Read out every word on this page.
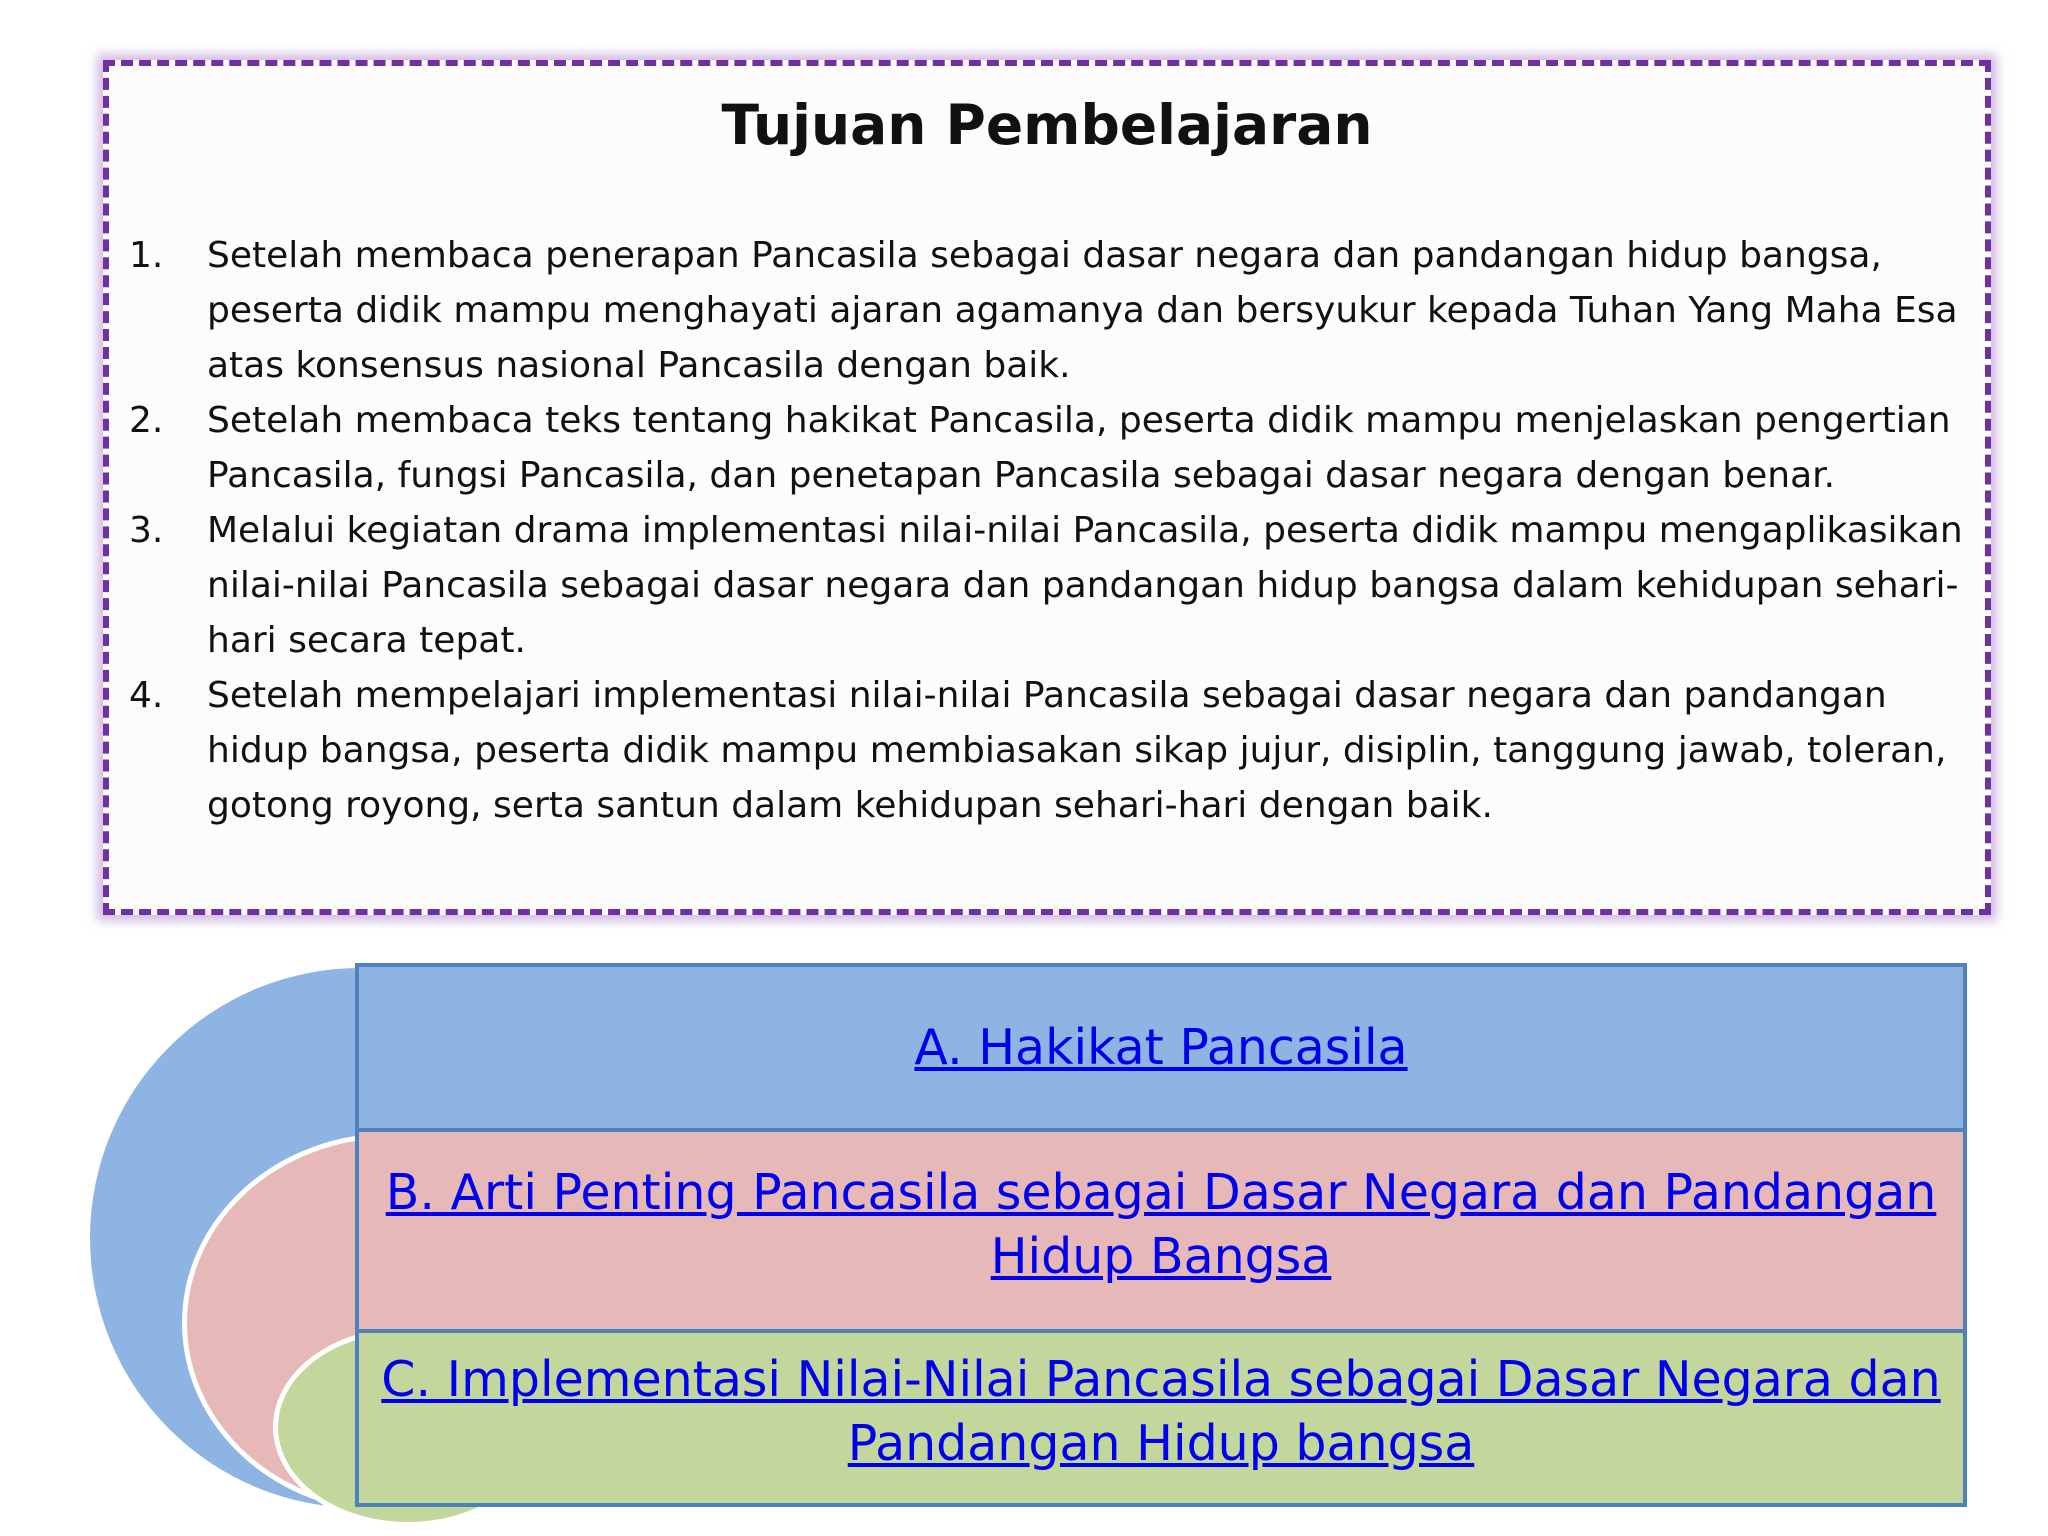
Tujuan Pembelajaran
1. Setelah membaca penerapan Pancasila sebagai dasar negara dan pandangan hidup bangsa, peserta didik mampu menghayati ajaran agamanya dan bersyukur kepada Tuhan Yang Maha Esa atas konsensus nasional Pancasila dengan baik.
2. Setelah membaca teks tentang hakikat Pancasila, peserta didik mampu menjelaskan pengertian Pancasila, fungsi Pancasila, dan penetapan Pancasila sebagai dasar negara dengan benar.
3. Melalui kegiatan drama implementasi nilai-nilai Pancasila, peserta didik mampu mengaplikasikan nilai-nilai Pancasila sebagai dasar negara dan pandangan hidup bangsa dalam kehidupan sehari-hari secara tepat.
4. Setelah mempelajari implementasi nilai-nilai Pancasila sebagai dasar negara dan pandangan hidup bangsa, peserta didik mampu membiasakan sikap jujur, disiplin, tanggung jawab, toleran, gotong royong, serta santun dalam kehidupan sehari-hari dengan baik.
A. Hakikat Pancasila
B. Arti Penting Pancasila sebagai Dasar Negara dan Pandangan Hidup Bangsa
C. Implementasi Nilai-Nilai Pancasila sebagai Dasar Negara dan Pandangan Hidup bangsa
